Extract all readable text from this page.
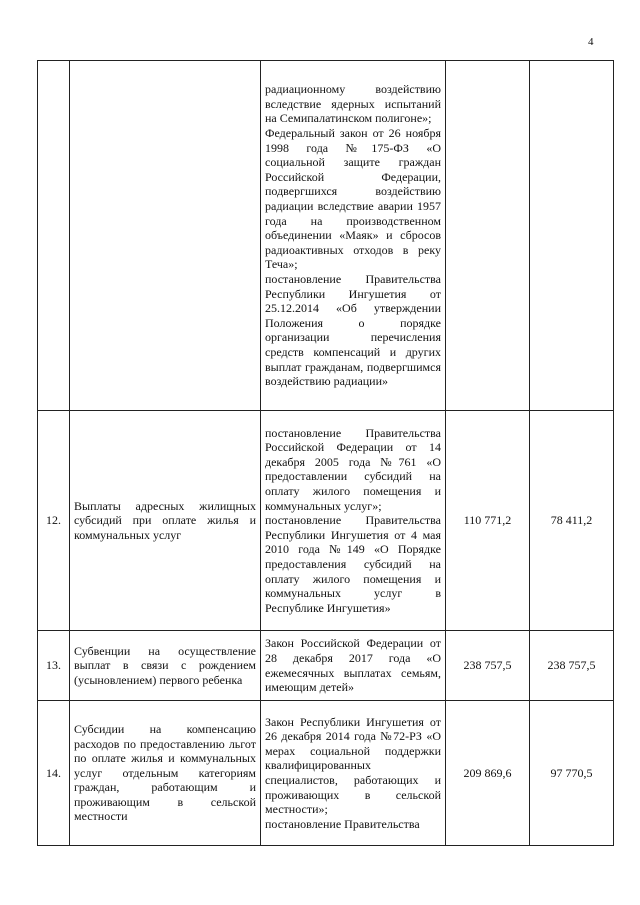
4

		радиационному воздействию вследствие ядерных испытаний на Семипалатинском полигоне»;
Федеральный закон от 26 ноября 1998 года №175-ФЗ «О социальной защите граждан Российской Федерации, подвергшихся воздействию радиации вследствие аварии 1957 года на производственном объединении «Маяк» и сбросов радиоактивных отходов в реку Теча»;
постановление Правительства Республики Ингушетия от 25.12.2014 «Об утверждении Положения о порядке организации перечисления средств компенсаций и других выплат гражданам, подвергшимся воздействию радиации»		

12.	Выплаты адресных жилищных субсидий при оплате жилья и коммунальных услуг	постановление Правительства Российской Федерации от 14 декабря 2005 года №761 «О предоставлении субсидий на оплату жилого помещения и коммунальных услуг»;
постановление Правительства Республики Ингушетия от 4 мая 2010 года №149 «О Порядке предоставления субсидий на оплату жилого помещения и коммунальных услуг в Республике Ингушетия»	110 771,2	78 411,2
13.	Субвенции на осуществление выплат в связи с рождением (усыновлением) первого ребенка	Закон Российской Федерации от 28 декабря 2017 года «О ежемесячных выплатах семьям, имеющим детей»	238 757,5	238 757,5
14.	Субсидии на компенсацию расходов по предоставлению льгот по оплате жилья и коммунальных услуг отдельным категориям граждан, работающим и проживающим в сельской местности	Закон Республики Ингушетия от 26 декабря 2014 года №72-РЗ «О мерах социальной поддержки квалифицированных специалистов, работающих и проживающих в сельской местности»;
постановление Правительства	209 869,6	97 770,5
